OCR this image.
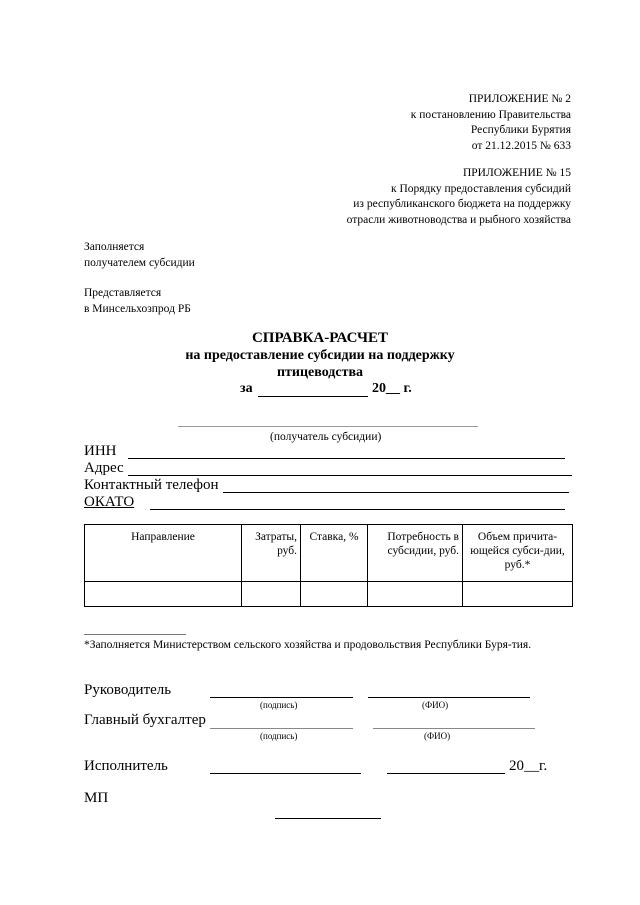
ПРИЛОЖЕНИЕ № 2
к постановлению Правительства
Республики Бурятия
от 21.12.2015 № 633
ПРИЛОЖЕНИЕ № 15
к Порядку предоставления субсидий
из республиканского бюджета на поддержку
отрасли животноводства и рыбного хозяйства
Заполняется
получателем субсидии
Представляется
в Минсельхозпрод РБ
СПРАВКА-РАСЧЕТ
на предоставление субсидии на поддержку
птицеводства
за	20__ г.
(получатель субсидии)
ИНН
Адрес
Контактный телефон
ОКАТО
Направление	Затраты, руб.	Ставка, %	Потребность в субсидии, руб.	Объем причита-ющейся субси-дии, руб.*

*Заполняется Министерством сельского хозяйства и продовольствия Республики Буря-тия.
Руководитель
(подпись)	(ФИО)
Главный бухгалтер
(подпись)	(ФИО)
Исполнитель	20__г.
МП
